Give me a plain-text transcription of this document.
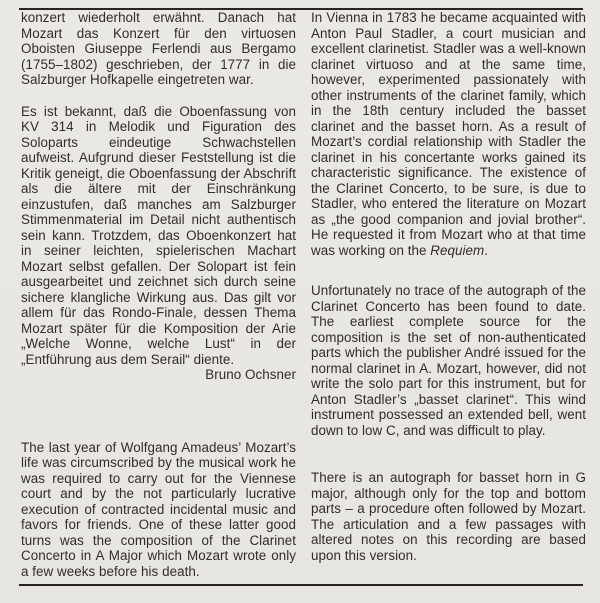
konzert wiederholt erwähnt. Danach hat Mozart das Konzert für den virtuosen Oboisten Giuseppe Ferlendi aus Bergamo (1755–1802) geschrieben, der 1777 in die Salzburger Hofkapelle eingetreten war.

Es ist bekannt, daß die Oboenfassung von KV 314 in Melodik und Figuration des Soloparts eindeutige Schwachstellen aufweist. Aufgrund dieser Feststellung ist die Kritik geneigt, die Oboenfassung der Abschrift als die ältere mit der Einschränkung einzustufen, daß manches am Salzburger Stimmenmaterial im Detail nicht authentisch sein kann. Trotzdem, das Oboenkonzert hat in seiner leichten, spielerischen Machart Mozart selbst gefallen. Der Solopart ist fein ausgearbeitet und zeichnet sich durch seine sichere klangliche Wirkung aus. Das gilt vor allem für das Rondo-Finale, dessen Thema Mozart später für die Komposition der Arie „Welche Wonne, welche Lust“ in der „Entführung aus dem Serail“ diente.

Bruno Ochsner

The last year of Wolfgang Amadeus’ Mozart’s life was circumscribed by the musical work he was required to carry out for the Viennese court and by the not particularly lucrative execution of contracted incidental music and favors for friends. One of these latter good turns was the composition of the Clarinet Concerto in A Major which Mozart wrote only a few weeks before his death.

In Vienna in 1783 he became acquainted with Anton Paul Stadler, a court musician and excellent clarinetist. Stadler was a well-known clarinet virtuoso and at the same time, however, experimented passionately with other instruments of the clarinet family, which in the 18th century included the basset clarinet and the basset horn. As a result of Mozart’s cordial relationship with Stadler the clarinet in his concertante works gained its characteristic significance. The existence of the Clarinet Concerto, to be sure, is due to Stadler, who entered the literature on Mozart as „the good companion and jovial brother“. He requested it from Mozart who at that time was working on the Requiem.

Unfortunately no trace of the autograph of the Clarinet Concerto has been found to date. The earliest complete source for the composition is the set of non-authenticated parts which the publisher André issued for the normal clarinet in A. Mozart, however, did not write the solo part for this instrument, but for Anton Stadler’s „basset clarinet“. This wind instrument possessed an extended bell, went down to low C, and was difficult to play.

There is an autograph for basset horn in G major, although only for the top and bottom parts – a procedure often followed by Mozart. The articulation and a few passages with altered notes on this recording are based upon this version.
